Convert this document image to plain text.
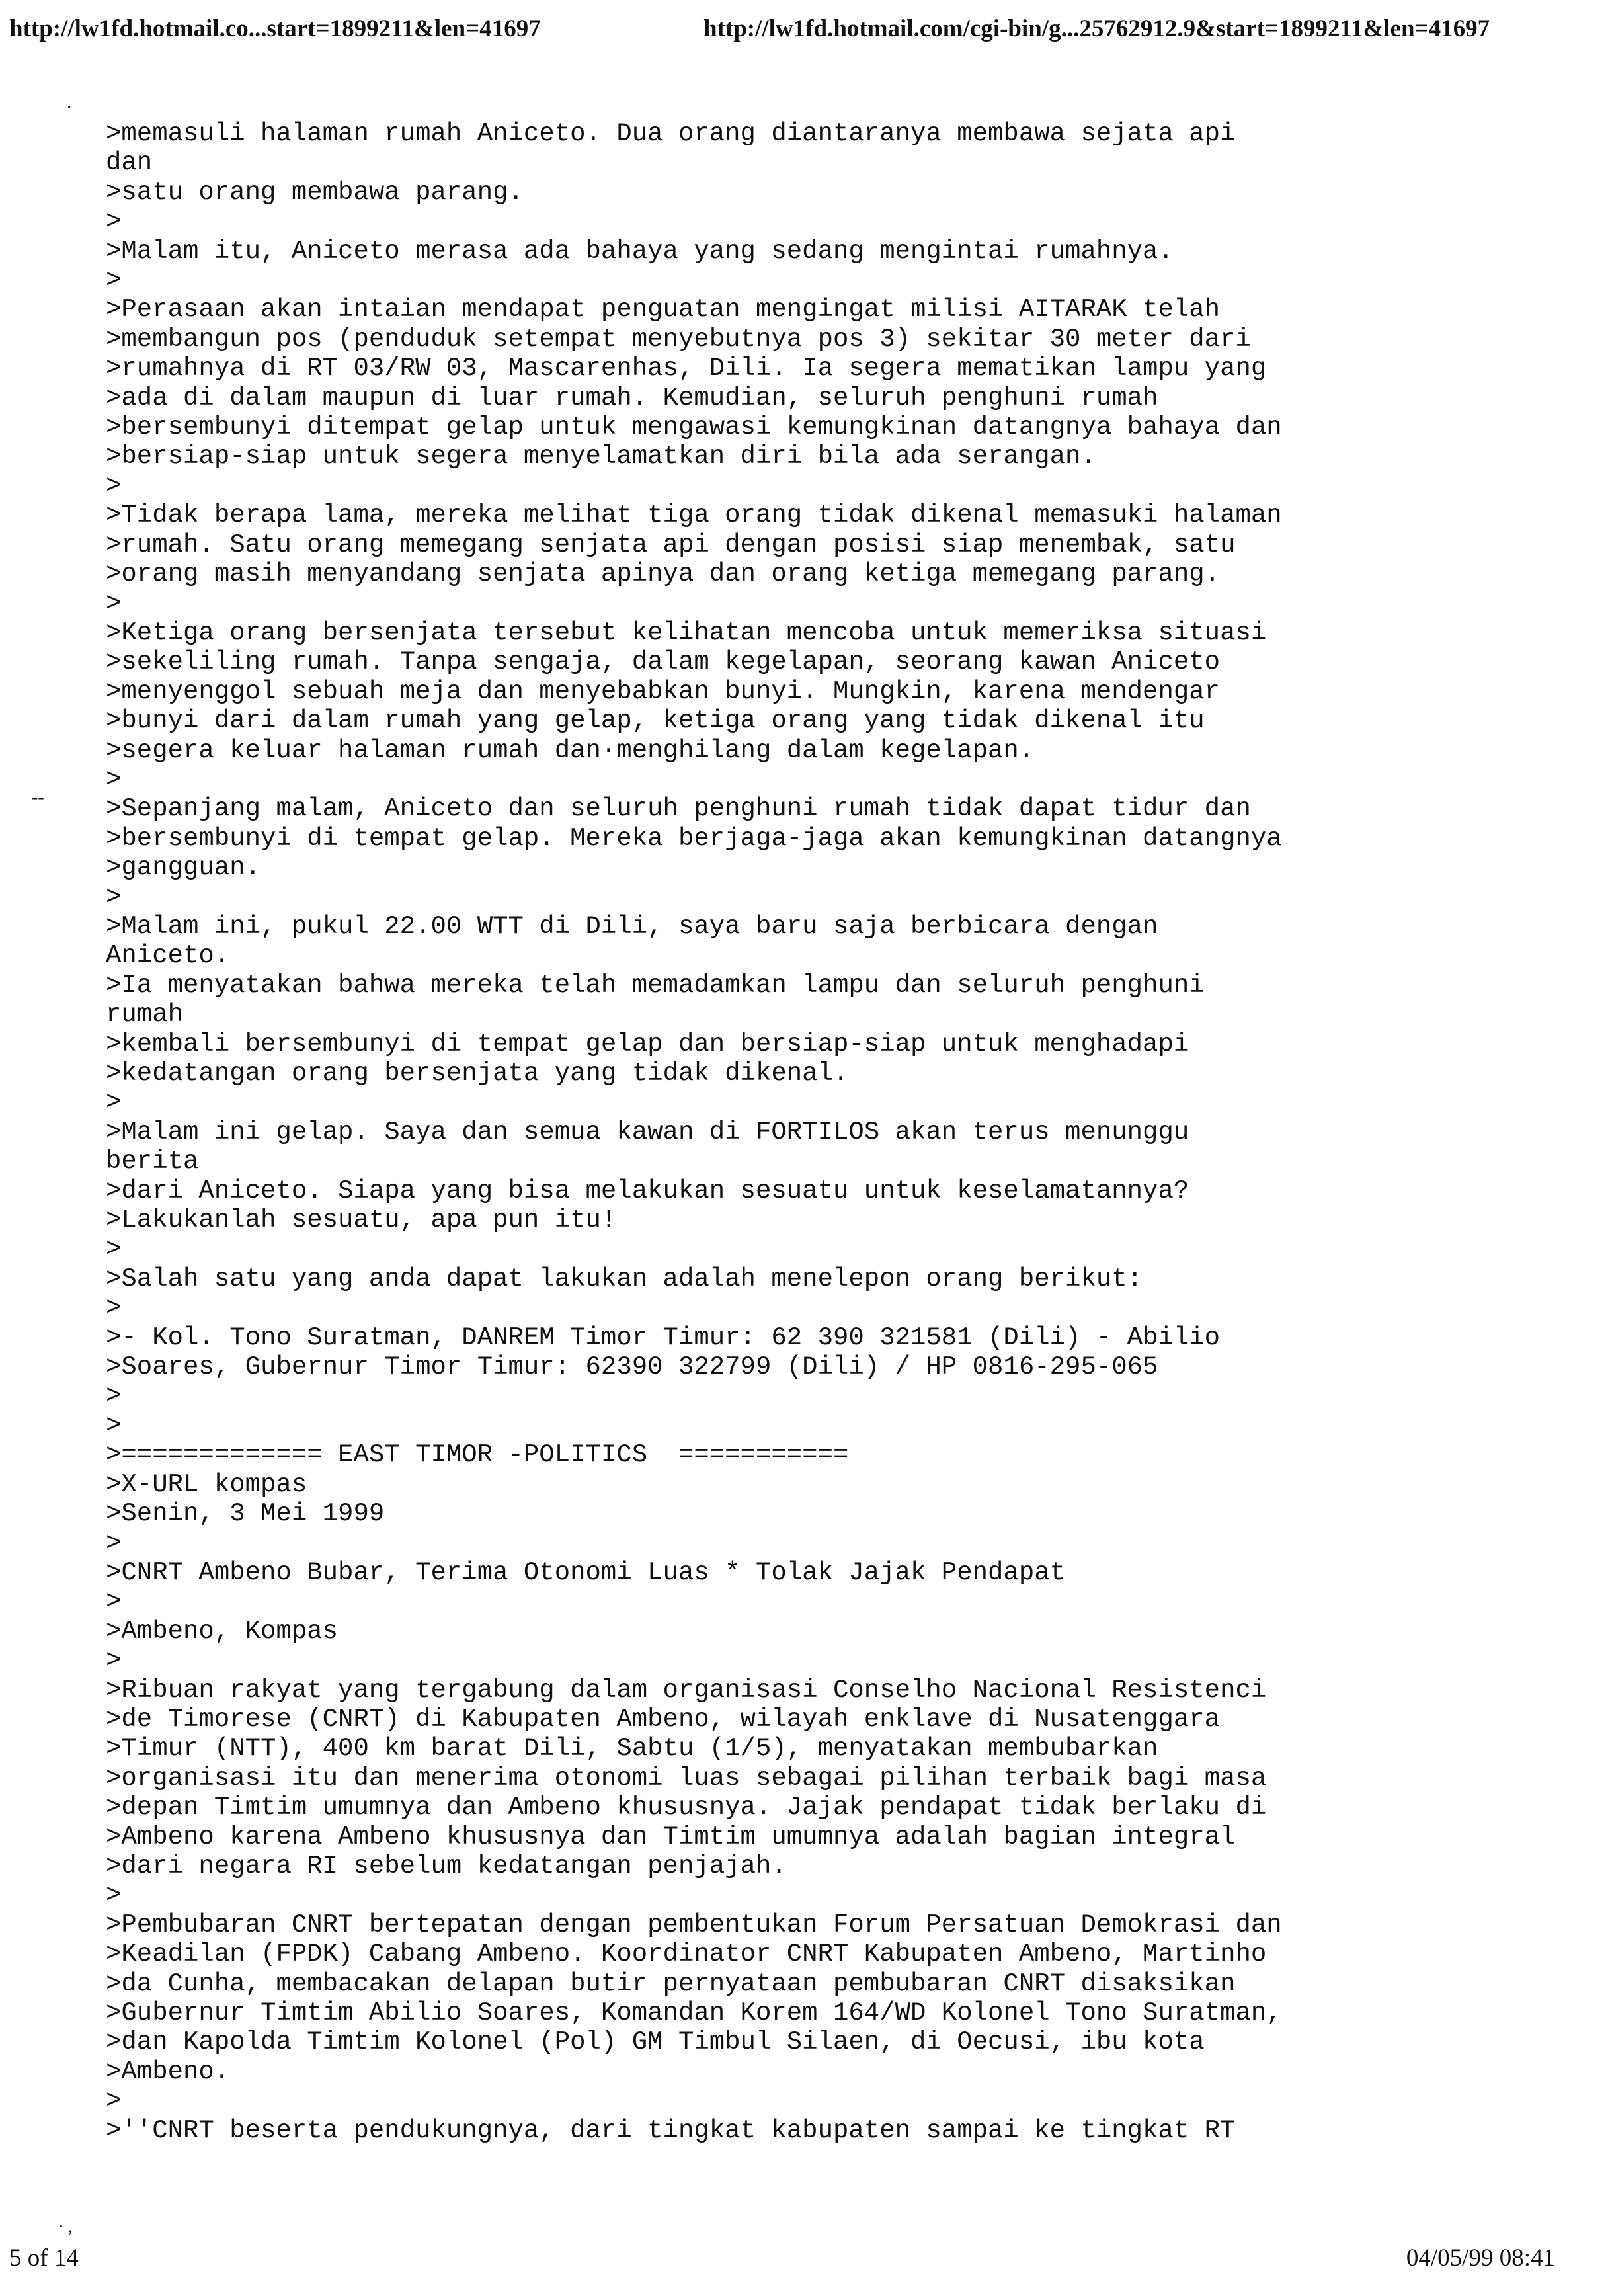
http://lw1fd.hotmail.co...start=1899211&len=41697	http://lw1fd.hotmail.com/cgi-bin/g...25762912.9&start=1899211&len=41697
·
--
>memasuli halaman rumah Aniceto. Dua orang diantaranya membawa sejata api
dan
>satu orang membawa parang.
>
>Malam itu, Aniceto merasa ada bahaya yang sedang mengintai rumahnya.
>
>Perasaan akan intaian mendapat penguatan mengingat milisi AITARAK telah
>membangun pos (penduduk setempat menyebutnya pos 3) sekitar 30 meter dari
>rumahnya di RT 03/RW 03, Mascarenhas, Dili. Ia segera mematikan lampu yang
>ada di dalam maupun di luar rumah. Kemudian, seluruh penghuni rumah
>bersembunyi ditempat gelap untuk mengawasi kemungkinan datangnya bahaya dan
>bersiap-siap untuk segera menyelamatkan diri bila ada serangan.
>
>Tidak berapa lama, mereka melihat tiga orang tidak dikenal memasuki halaman
>rumah. Satu orang memegang senjata api dengan posisi siap menembak, satu
>orang masih menyandang senjata apinya dan orang ketiga memegang parang.
>
>Ketiga orang bersenjata tersebut kelihatan mencoba untuk memeriksa situasi
>sekeliling rumah. Tanpa sengaja, dalam kegelapan, seorang kawan Aniceto
>menyenggol sebuah meja dan menyebabkan bunyi. Mungkin, karena mendengar
>bunyi dari dalam rumah yang gelap, ketiga orang yang tidak dikenal itu
>segera keluar halaman rumah dan·menghilang dalam kegelapan.
>
>Sepanjang malam, Aniceto dan seluruh penghuni rumah tidak dapat tidur dan
>bersembunyi di tempat gelap. Mereka berjaga-jaga akan kemungkinan datangnya
>gangguan.
>
>Malam ini, pukul 22.00 WTT di Dili, saya baru saja berbicara dengan
Aniceto.
>Ia menyatakan bahwa mereka telah memadamkan lampu dan seluruh penghuni
rumah
>kembali bersembunyi di tempat gelap dan bersiap-siap untuk menghadapi
>kedatangan orang bersenjata yang tidak dikenal.
>
>Malam ini gelap. Saya dan semua kawan di FORTILOS akan terus menunggu
berita
>dari Aniceto. Siapa yang bisa melakukan sesuatu untuk keselamatannya?
>Lakukanlah sesuatu, apa pun itu!
>
>Salah satu yang anda dapat lakukan adalah menelepon orang berikut:
>
>- Kol. Tono Suratman, DANREM Timor Timur: 62 390 321581 (Dili) - Abilio
>Soares, Gubernur Timor Timur: 62390 322799 (Dili) / HP 0816-295-065
>
>
>============= EAST TIMOR -POLITICS  ===========
>X-URL kompas
>Senin, 3 Mei 1999
>
>CNRT Ambeno Bubar, Terima Otonomi Luas * Tolak Jajak Pendapat
>
>Ambeno, Kompas
>
>Ribuan rakyat yang tergabung dalam organisasi Conselho Nacional Resistenci
>de Timorese (CNRT) di Kabupaten Ambeno, wilayah enklave di Nusatenggara
>Timur (NTT), 400 km barat Dili, Sabtu (1/5), menyatakan membubarkan
>organisasi itu dan menerima otonomi luas sebagai pilihan terbaik bagi masa
>depan Timtim umumnya dan Ambeno khususnya. Jajak pendapat tidak berlaku di
>Ambeno karena Ambeno khususnya dan Timtim umumnya adalah bagian integral
>dari negara RI sebelum kedatangan penjajah.
>
>Pembubaran CNRT bertepatan dengan pembentukan Forum Persatuan Demokrasi dan
>Keadilan (FPDK) Cabang Ambeno. Koordinator CNRT Kabupaten Ambeno, Martinho
>da Cunha, membacakan delapan butir pernyataan pembubaran CNRT disaksikan
>Gubernur Timtim Abilio Soares, Komandan Korem 164/WD Kolonel Tono Suratman,
>dan Kapolda Timtim Kolonel (Pol) GM Timbul Silaen, di Oecusi, ibu kota
>Ambeno.
>
>''CNRT beserta pendukungnya, dari tingkat kabupaten sampai ke tingkat RT

· ,
5 of 14	04/05/99 08:41
